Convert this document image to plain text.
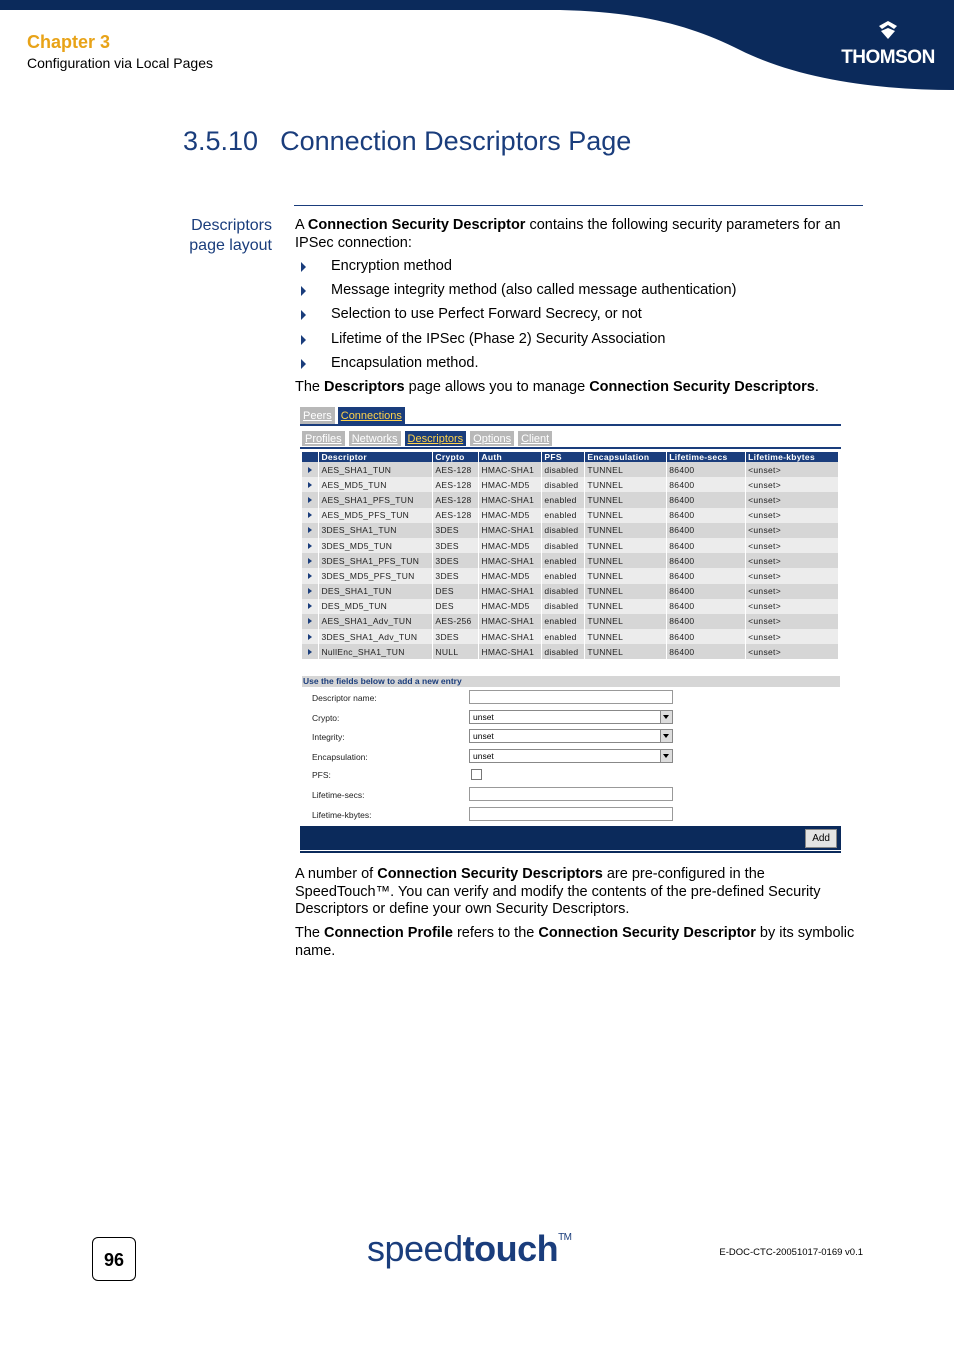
Chapter 3
Configuration via Local Pages	THOMSON
3.5.10 Connection Descriptors Page
Descriptors
page layout
A Connection Security Descriptor contains the following security parameters for an IPSec connection:
Encryption method
Message integrity method (also called message authentication)
Selection to use Perfect Forward Secrecy, or not
Lifetime of the IPSec (Phase 2) Security Association
Encapsulation method.
The Descriptors page allows you to manage Connection Security Descriptors.
Peers Connections
Profiles Networks Descriptors Options Client
	Descriptor	Crypto	Auth	PFS	Encapsulation	Lifetime-secs	Lifetime-kbytes
	AES_SHA1_TUN	AES-128	HMAC-SHA1	disabled	TUNNEL	86400	<unset>
	AES_MD5_TUN	AES-128	HMAC-MD5	disabled	TUNNEL	86400	<unset>
	AES_SHA1_PFS_TUN	AES-128	HMAC-SHA1	enabled	TUNNEL	86400	<unset>
	AES_MD5_PFS_TUN	AES-128	HMAC-MD5	enabled	TUNNEL	86400	<unset>
	3DES_SHA1_TUN	3DES	HMAC-SHA1	disabled	TUNNEL	86400	<unset>
	3DES_MD5_TUN	3DES	HMAC-MD5	disabled	TUNNEL	86400	<unset>
	3DES_SHA1_PFS_TUN	3DES	HMAC-SHA1	enabled	TUNNEL	86400	<unset>
	3DES_MD5_PFS_TUN	3DES	HMAC-MD5	enabled	TUNNEL	86400	<unset>
	DES_SHA1_TUN	DES	HMAC-SHA1	disabled	TUNNEL	86400	<unset>
	DES_MD5_TUN	DES	HMAC-MD5	disabled	TUNNEL	86400	<unset>
	AES_SHA1_Adv_TUN	AES-256	HMAC-SHA1	enabled	TUNNEL	86400	<unset>
	3DES_SHA1_Adv_TUN	3DES	HMAC-SHA1	enabled	TUNNEL	86400	<unset>
	NullEnc_SHA1_TUN	NULL	HMAC-SHA1	disabled	TUNNEL	86400	<unset>
Use the fields below to add a new entry
Descriptor name:
Crypto:	unset
Integrity:	unset
Encapsulation:	unset
PFS:
Lifetime-secs:
Lifetime-kbytes:
Add
A number of Connection Security Descriptors are pre-configured in the SpeedTouch™. You can verify and modify the contents of the pre-defined Security Descriptors or define your own Security Descriptors.
The Connection Profile refers to the Connection Security Descriptor by its symbolic name.
96	speedtouch™
E-DOC-CTC-20051017-0169 v0.1
